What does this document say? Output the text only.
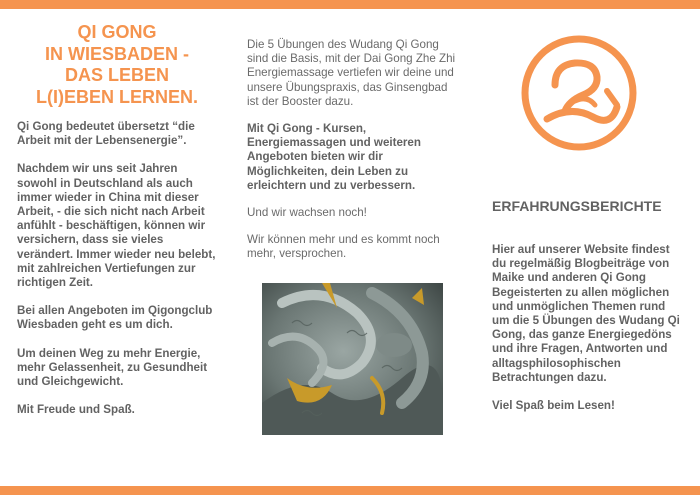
QI GONG
IN WIESBADEN -
DAS LEBEN
L(I)EBEN LERNEN.

Qi Gong bedeutet übersetzt “die Arbeit mit der Lebensenergie”.

Nachdem wir uns seit Jahren sowohl in Deutschland als auch immer wieder in China mit dieser Arbeit, - die sich nicht nach Arbeit anfühlt - beschäftigen, können wir versichern, dass sie vieles verändert. Immer wieder neu belebt, mit zahlreichen Vertiefungen zur richtigen Zeit.

Bei allen Angeboten im Qigongclub Wiesbaden geht es um dich.

Um deinen Weg zu mehr Energie, mehr Gelassenheit, zu Gesundheit und Gleichgewicht.

Mit Freude und Spaß.

Die 5 Übungen des Wudang Qi Gong sind die Basis, mit der Dai Gong Zhe Zhi Energiemassage vertiefen wir deine und unsere Übungspraxis, das Ginsengbad ist der Booster dazu.

Mit Qi Gong - Kursen, Energiemassagen und weiteren Angeboten bieten wir dir Möglichkeiten, dein Leben zu erleichtern und zu verbessern.

Und wir wachsen noch!

Wir können mehr und es kommt noch mehr, versprochen.

ERFAHRUNGSBERICHTE

Hier auf unserer Website findest du regelmäßig Blogbeiträge von Maike und anderen Qi Gong Begeisterten zu allen möglichen und unmöglichen Themen rund um die 5 Übungen des Wudang Qi Gong, das ganze Energiegedöns und ihre Fragen, Antworten und alltagsphilosophischen Betrachtungen dazu.

Viel Spaß beim Lesen!
